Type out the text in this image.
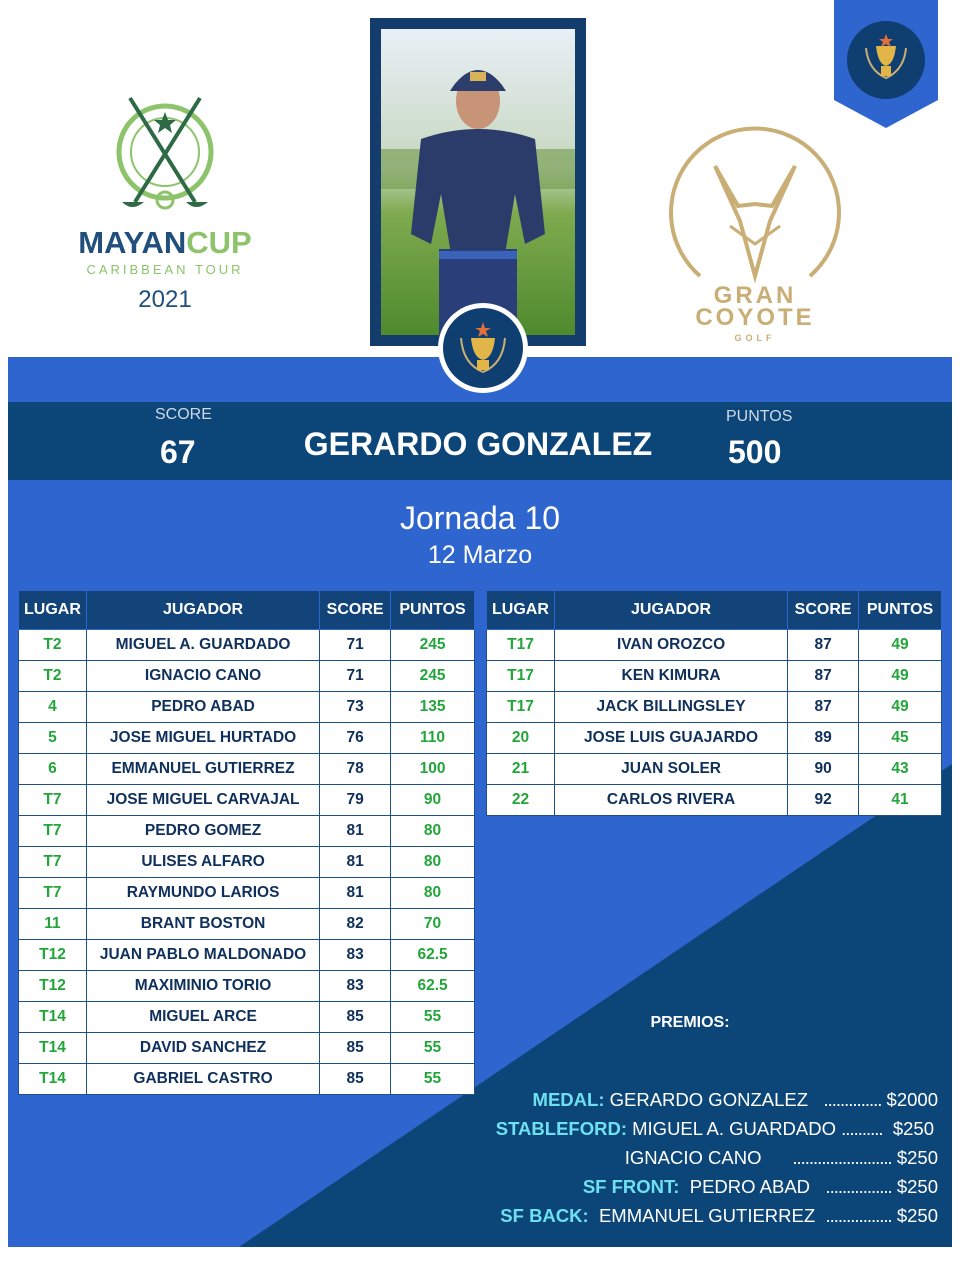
MAYANCUP
CARIBBEAN TOUR
2021	GRAN
COYOTE
GOLF
SCORE
67	GERARDO GONZALEZ
PUNTOS
500
Jornada 10
12 Marzo
LUGAR	JUGADOR	SCORE	PUNTOS
T2	MIGUEL A. GUARDADO	71	245
T2	IGNACIO CANO	71	245
4	PEDRO ABAD	73	135
5	JOSE MIGUEL HURTADO	76	110
6	EMMANUEL GUTIERREZ	78	100
T7	JOSE MIGUEL CARVAJAL	79	90
T7	PEDRO GOMEZ	81	80
T7	ULISES ALFARO	81	80
T7	RAYMUNDO LARIOS	81	80
11	BRANT BOSTON	82	70
T12	JUAN PABLO MALDONADO	83	62.5
T12	MAXIMINIO TORIO	83	62.5
T14	MIGUEL ARCE	85	55
T14	DAVID SANCHEZ	85	55
T14	GABRIEL CASTRO	85	55
LUGAR	JUGADOR	SCORE	PUNTOS
T17	IVAN OROZCO	87	49
T17	KEN KIMURA	87	49
T17	JACK BILLINGSLEY	87	49
20	JOSE LUIS GUAJARDO	89	45
21	JUAN SOLER	90	43
22	CARLOS RIVERA	92	41
PREMIOS:
MEDAL: GERARDO GONZALEZ .............. $2000
STABLEFORD: MIGUEL A. GUARDADO .......... $250
IGNACIO CANO ........................ $250
SF FRONT: PEDRO ABAD ................ $250
SF BACK: EMMANUEL GUTIERREZ ................ $250
